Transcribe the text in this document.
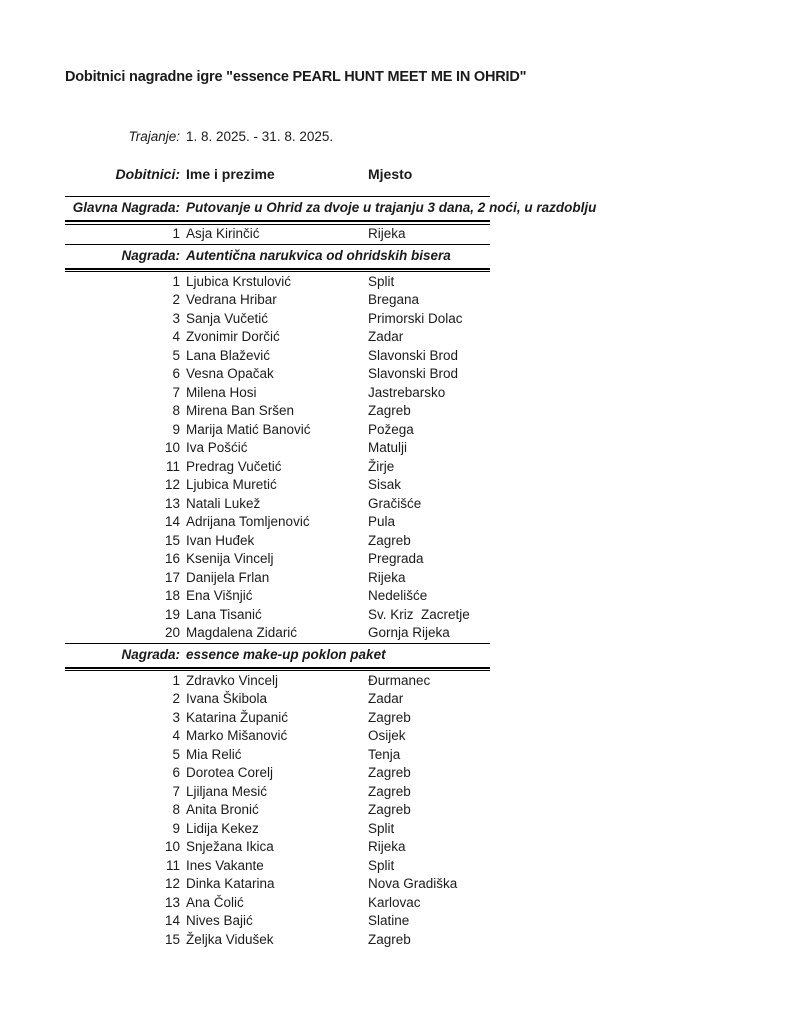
Dobitnici nagradne igre "essence PEARL HUNT MEET ME IN OHRID"
Trajanje: 1. 8. 2025. - 31. 8. 2025.
Dobitnici: Ime i prezime	Mjesto
Glavna Nagrada: Putovanje u Ohrid za dvoje u trajanju 3 dana, 2 noći, u razdoblju
1 Asja Kirinčić	Rijeka
Nagrada: Autentična narukvica od ohridskih bisera
1 Ljubica Krstulović	Split
2 Vedrana Hribar	Bregana
3 Sanja Vučetić	Primorski Dolac
4 Zvonimir Dorčić	Zadar
5 Lana Blažević	Slavonski Brod
6 Vesna Opačak	Slavonski Brod
7 Milena Hosi	Jastrebarsko
8 Mirena Ban Sršen	Zagreb
9 Marija Matić Banović	Požega
10 Iva Pošćić	Matulji
11 Predrag Vučetić	Žirje
12 Ljubica Muretić	Sisak
13 Natali Lukež	Gračišće
14 Adrijana Tomljenović	Pula
15 Ivan Huđek	Zagreb
16 Ksenija Vincelj	Pregrada
17 Danijela Frlan	Rijeka
18 Ena Višnjić	Nedelišće
19 Lana Tisanić	Sv. Kriz  Zacretje
20 Magdalena Zidarić	Gornja Rijeka
Nagrada: essence make-up poklon paket
1 Zdravko Vincelj	Đurmanec
2 Ivana Škibola	Zadar
3 Katarina Županić	Zagreb
4 Marko Mišanović	Osijek
5 Mia Relić	Tenja
6 Dorotea Corelj	Zagreb
7 Ljiljana Mesić	Zagreb
8 Anita Bronić	Zagreb
9 Lidija Kekez	Split
10 Snježana Ikica	Rijeka
11 Ines Vakante	Split
12 Dinka Katarina	Nova Gradiška
13 Ana Čolić	Karlovac
14 Nives Bajić	Slatine
15 Željka Vidušek	Zagreb
